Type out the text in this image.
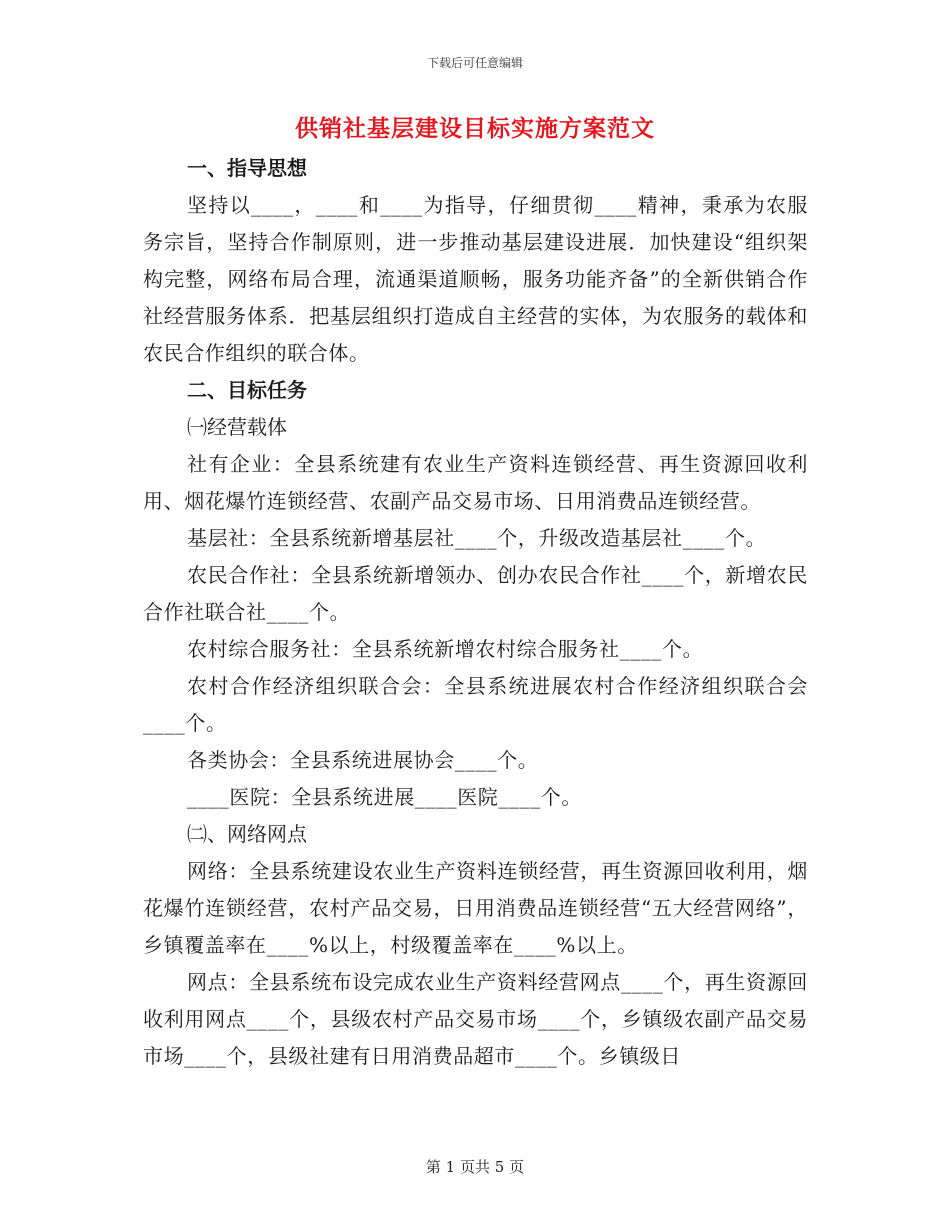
下载后可任意编辑
供销社基层建设目标实施方案范文

一、指导思想

坚持以____，____和____为指导，仔细贯彻____精神，秉承为农服务宗旨，坚持合作制原则，进一步推动基层建设进展．加快建设“组织架构完整，网络布局合理，流通渠道顺畅，服务功能齐备”的全新供销合作社经营服务体系．把基层组织打造成自主经营的实体，为农服务的载体和农民合作组织的联合体。

二、目标任务

㈠经营载体

社有企业：全县系统建有农业生产资料连锁经营、再生资源回收利用、烟花爆竹连锁经营、农副产品交易市场、日用消费品连锁经营。

基层社：全县系统新增基层社____个，升级改造基层社____个。

农民合作社：全县系统新增领办、创办农民合作社____个，新增农民合作社联合社____个。

农村综合服务社：全县系统新增农村综合服务社____个。

农村合作经济组织联合会：全县系统进展农村合作经济组织联合会____个。

各类协会：全县系统进展协会____个。

____医院：全县系统进展____医院____个。

㈡、网络网点

网络：全县系统建设农业生产资料连锁经营，再生资源回收利用，烟花爆竹连锁经营，农村产品交易，日用消费品连锁经营“五大经营网络”，乡镇覆盖率在____%以上，村级覆盖率在____%以上。

网点：全县系统布设完成农业生产资料经营网点____个，再生资源回收利用网点____个，县级农村产品交易市场____个，乡镇级农副产品交易市场____个，县级社建有日用消费品超市____个。乡镇级日

第 1 页共 5 页
